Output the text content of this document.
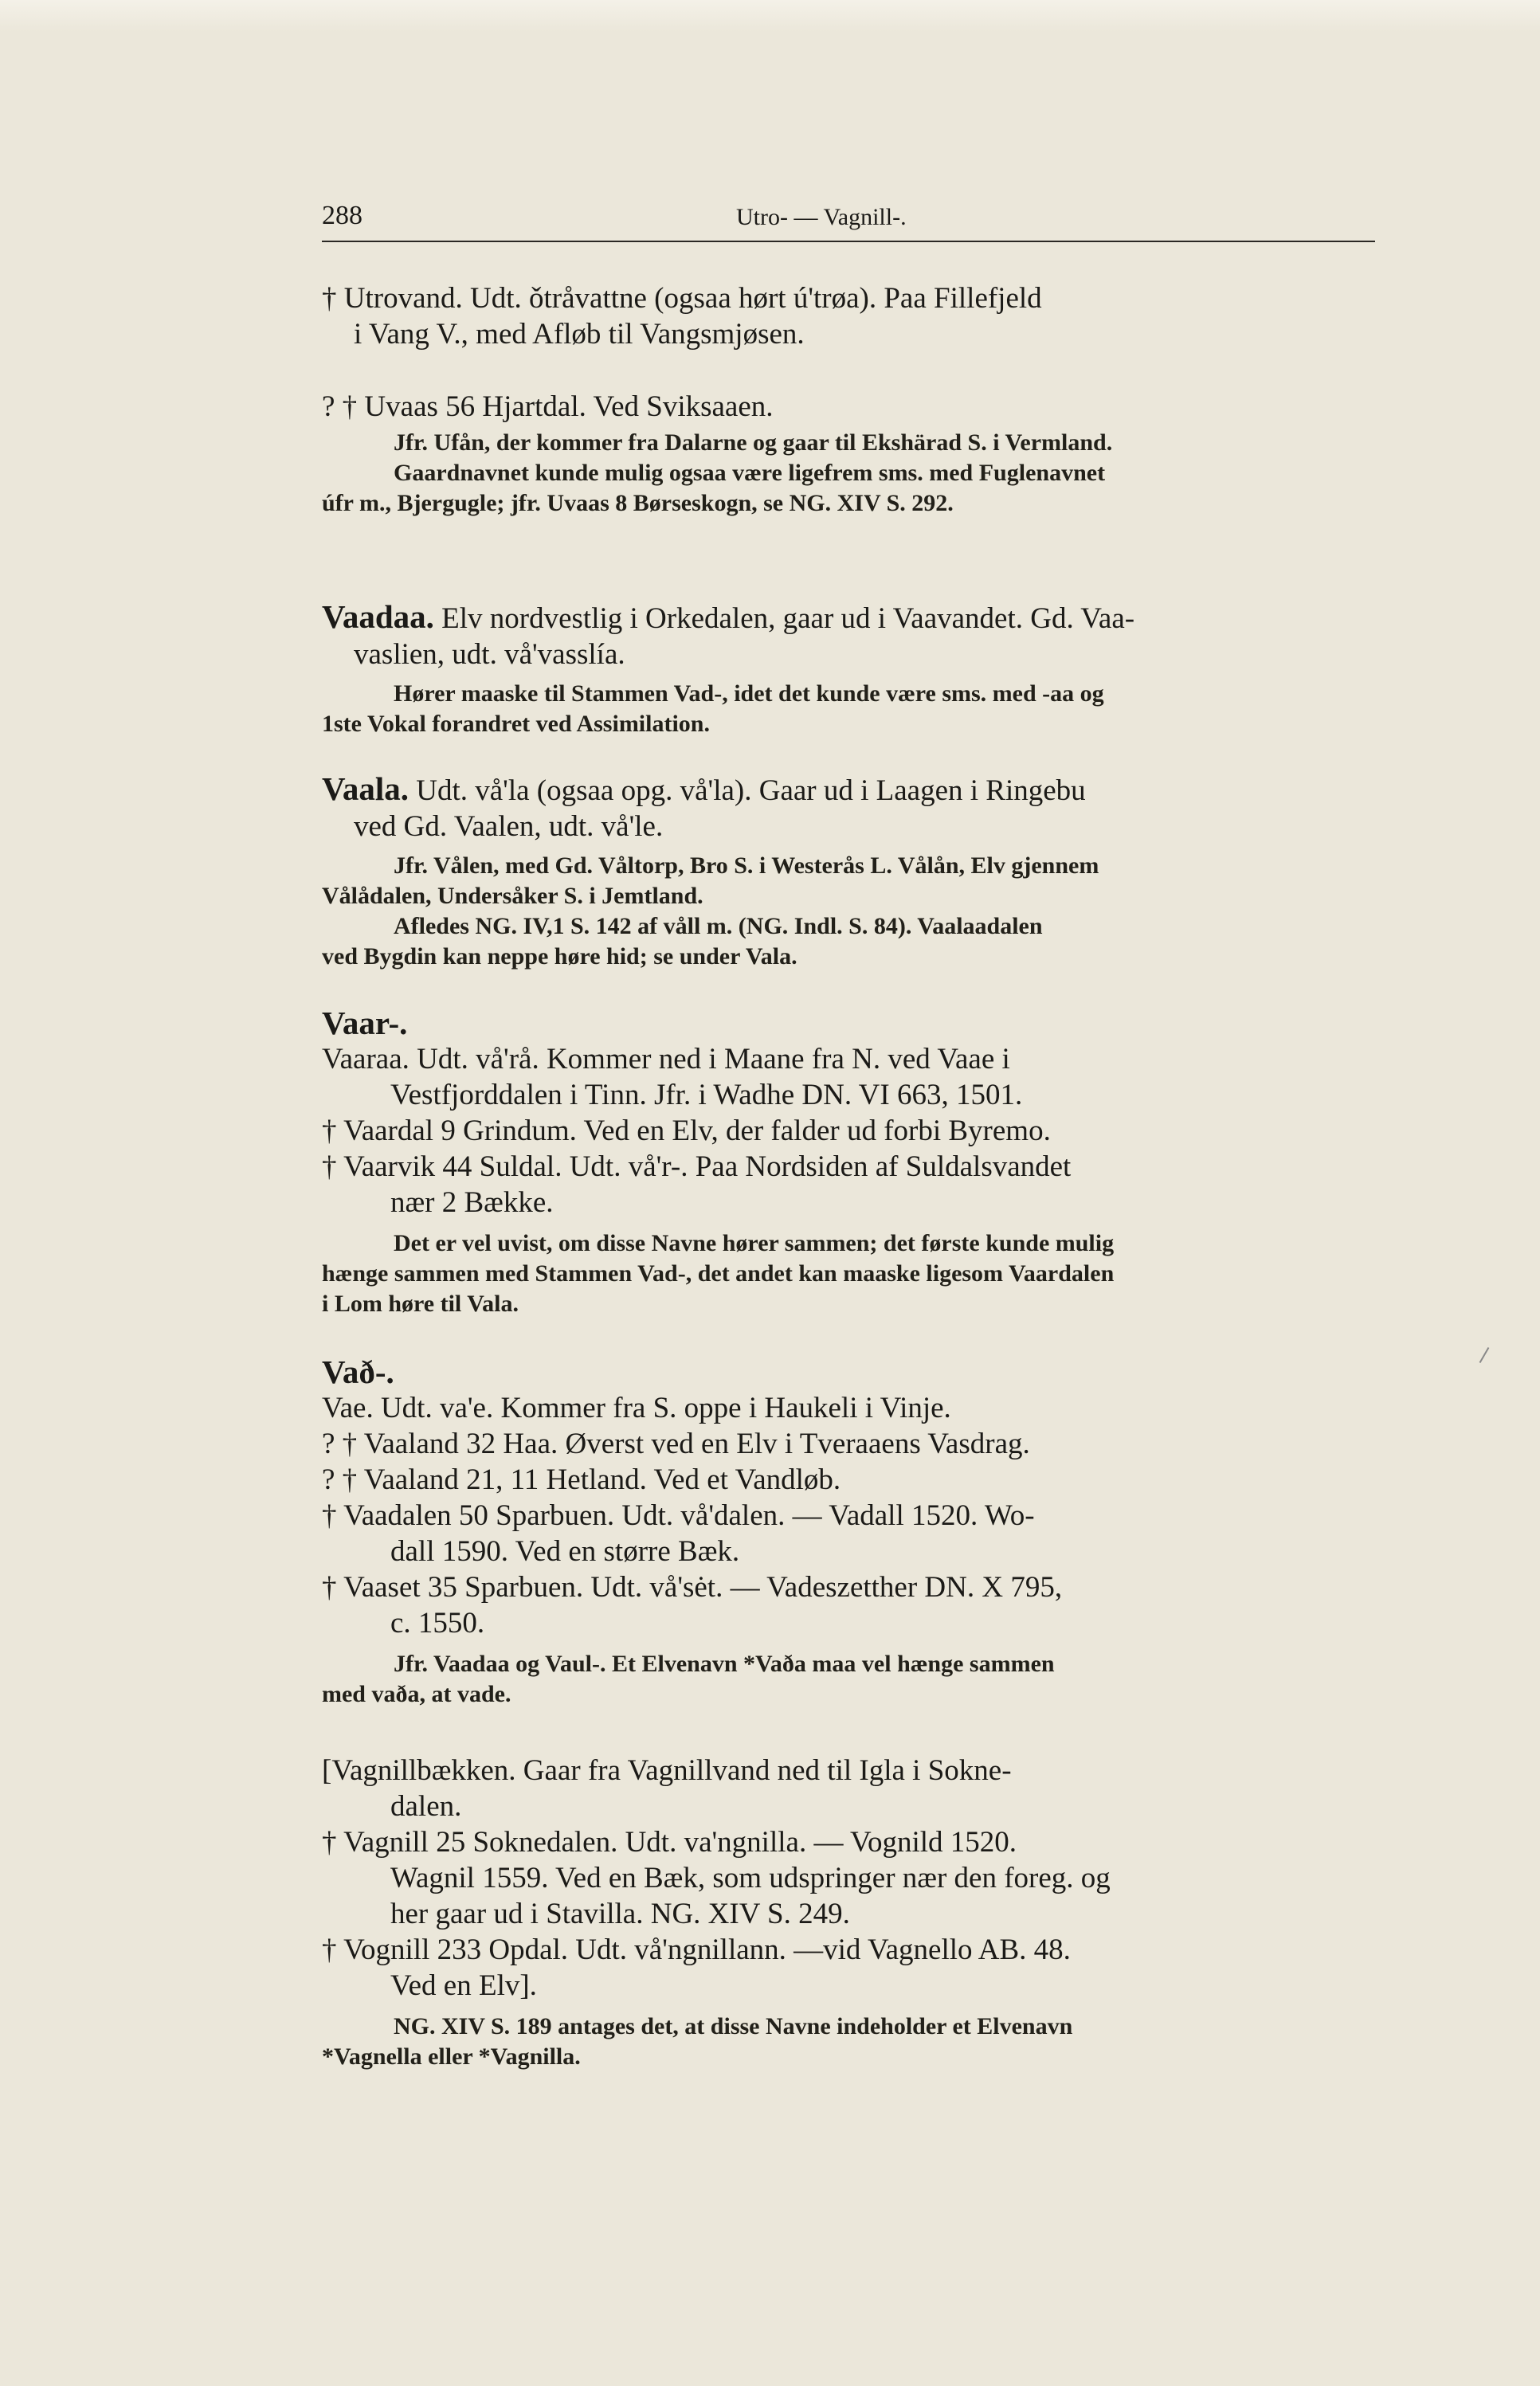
288	Utro- — Vagnill-.

† Utrovand. Udt. ǒtråvattne (ogsaa hørt ú'trøa). Paa Fillefjeld

i Vang V., med Afløb til Vangsmjøsen.

? † Uvaas 56 Hjartdal. Ved Sviksaaen.

Jfr. Ufån, der kommer fra Dalarne og gaar til Ekshärad S. i Vermland.

Gaardnavnet kunde mulig ogsaa være ligefrem sms. med Fuglenavnet

úfr m., Bjergugle; jfr. Uvaas 8 Børseskogn, se NG. XIV S. 292.

Vaadaa. Elv nordvestlig i Orkedalen, gaar ud i Vaavandet. Gd. Vaa-

vaslien, udt. vå'vasslía.

Hører maaske til Stammen Vad-, idet det kunde være sms. med -aa og

1ste Vokal forandret ved Assimilation.

Vaala. Udt. vå'la (ogsaa opg. vå'la). Gaar ud i Laagen i Ringebu

ved Gd. Vaalen, udt. vå'le.

Jfr. Vålen, med Gd. Våltorp, Bro S. i Westerås L. Vålån, Elv gjennem

Vålådalen, Undersåker S. i Jemtland.

Afledes NG. IV,1 S. 142 af våll m. (NG. Indl. S. 84). Vaalaadalen

ved Bygdin kan neppe høre hid; se under Vala.

Vaar-.

Vaaraa. Udt. vå'rå. Kommer ned i Maane fra N. ved Vaae i

Vestfjorddalen i Tinn. Jfr. i Wadhe DN. VI 663, 1501.

† Vaardal 9 Grindum. Ved en Elv, der falder ud forbi Byremo.

† Vaarvik 44 Suldal. Udt. vå'r-. Paa Nordsiden af Suldalsvandet

nær 2 Bække.

Det er vel uvist, om disse Navne hører sammen; det første kunde mulig

hænge sammen med Stammen Vad-, det andet kan maaske ligesom Vaardalen

i Lom høre til Vala.

Vað-.

Vae. Udt. va'e. Kommer fra S. oppe i Haukeli i Vinje.

? † Vaaland 32 Haa. Øverst ved en Elv i Tveraaens Vasdrag.

? † Vaaland 21, 11 Hetland. Ved et Vandløb.

† Vaadalen 50 Sparbuen. Udt. vå'dalen. — Vadall 1520. Wo-

dall 1590. Ved en større Bæk.

† Vaaset 35 Sparbuen. Udt. vå'sėt. — Vadeszetther DN. X 795,

c. 1550.

Jfr. Vaadaa og Vaul-. Et Elvenavn *Vaða maa vel hænge sammen

med vaða, at vade.

[Vagnillbækken. Gaar fra Vagnillvand ned til Igla i Sokne-

dalen.

† Vagnill 25 Soknedalen. Udt. va'ngnilla. — Vognild 1520.

Wagnil 1559. Ved en Bæk, som udspringer nær den foreg. og

her gaar ud i Stavilla. NG. XIV S. 249.

† Vognill 233 Opdal. Udt. vå'ngnillann. —vid Vagnello AB. 48.

Ved en Elv].

NG. XIV S. 189 antages det, at disse Navne indeholder et Elvenavn

*Vagnella eller *Vagnilla.
